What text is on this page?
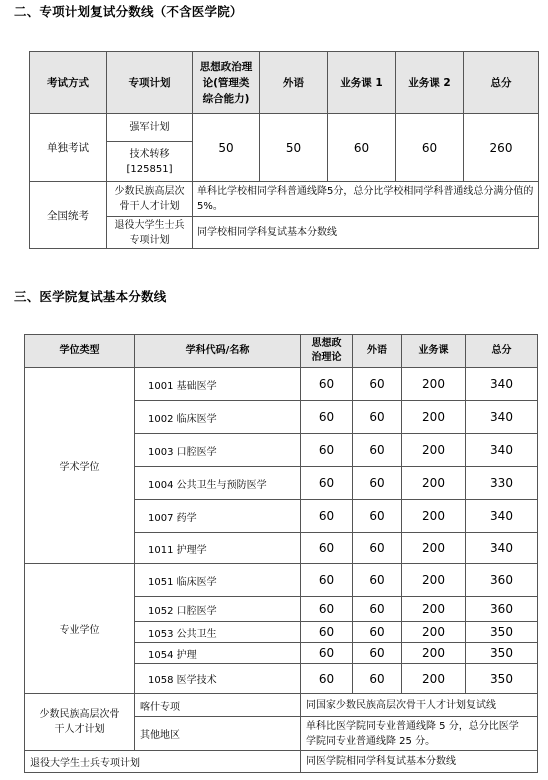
二、专项计划复试分数线（不含医学院）
考试方式	专项计划	思想政治理
论(管理类
综合能力)	外语	业务课 1	业务课 2	总分
单独考试	强军计划	50	50	60	60	260

	技术转移
[125851]					

全国统考	少数民族高层次
骨干人才计划	单科比学校相同学科普通线降5分，总分比学校相同学科普通线总分满分值的5%。				

	退役大学生士兵
专项计划	同学校相同学科复试基本分数线				
三、医学院复试基本分数线
学位类型	学科代码/名称	思想政
治理论	外语	业务课	总分
学术学位	1001 基础医学	60	60	200	340
	1002 临床医学	60	60	200	340
	1003 口腔医学	60	60	200	340
	1004 公共卫生与预防医学	60	60	200	330
	1007 药学	60	60	200	340
	1011 护理学	60	60	200	340
专业学位	1051 临床医学	60	60	200	360
	1052 口腔医学	60	60	200	360
	1053 公共卫生	60	60	200	350
	1054 护理	60	60	200	350
	1058 医学技术	60	60	200	350

少数民族高层次骨
干人才计划	喀什专项	同国家少数民族高层次骨干人才计划复试线			
	其他地区	单科比医学院同专业普通线降 5 分，总分比医学
学院同专业普通线降 25 分。			

退役大学生士兵专项计划		同医学院相同学科复试基本分数线			
